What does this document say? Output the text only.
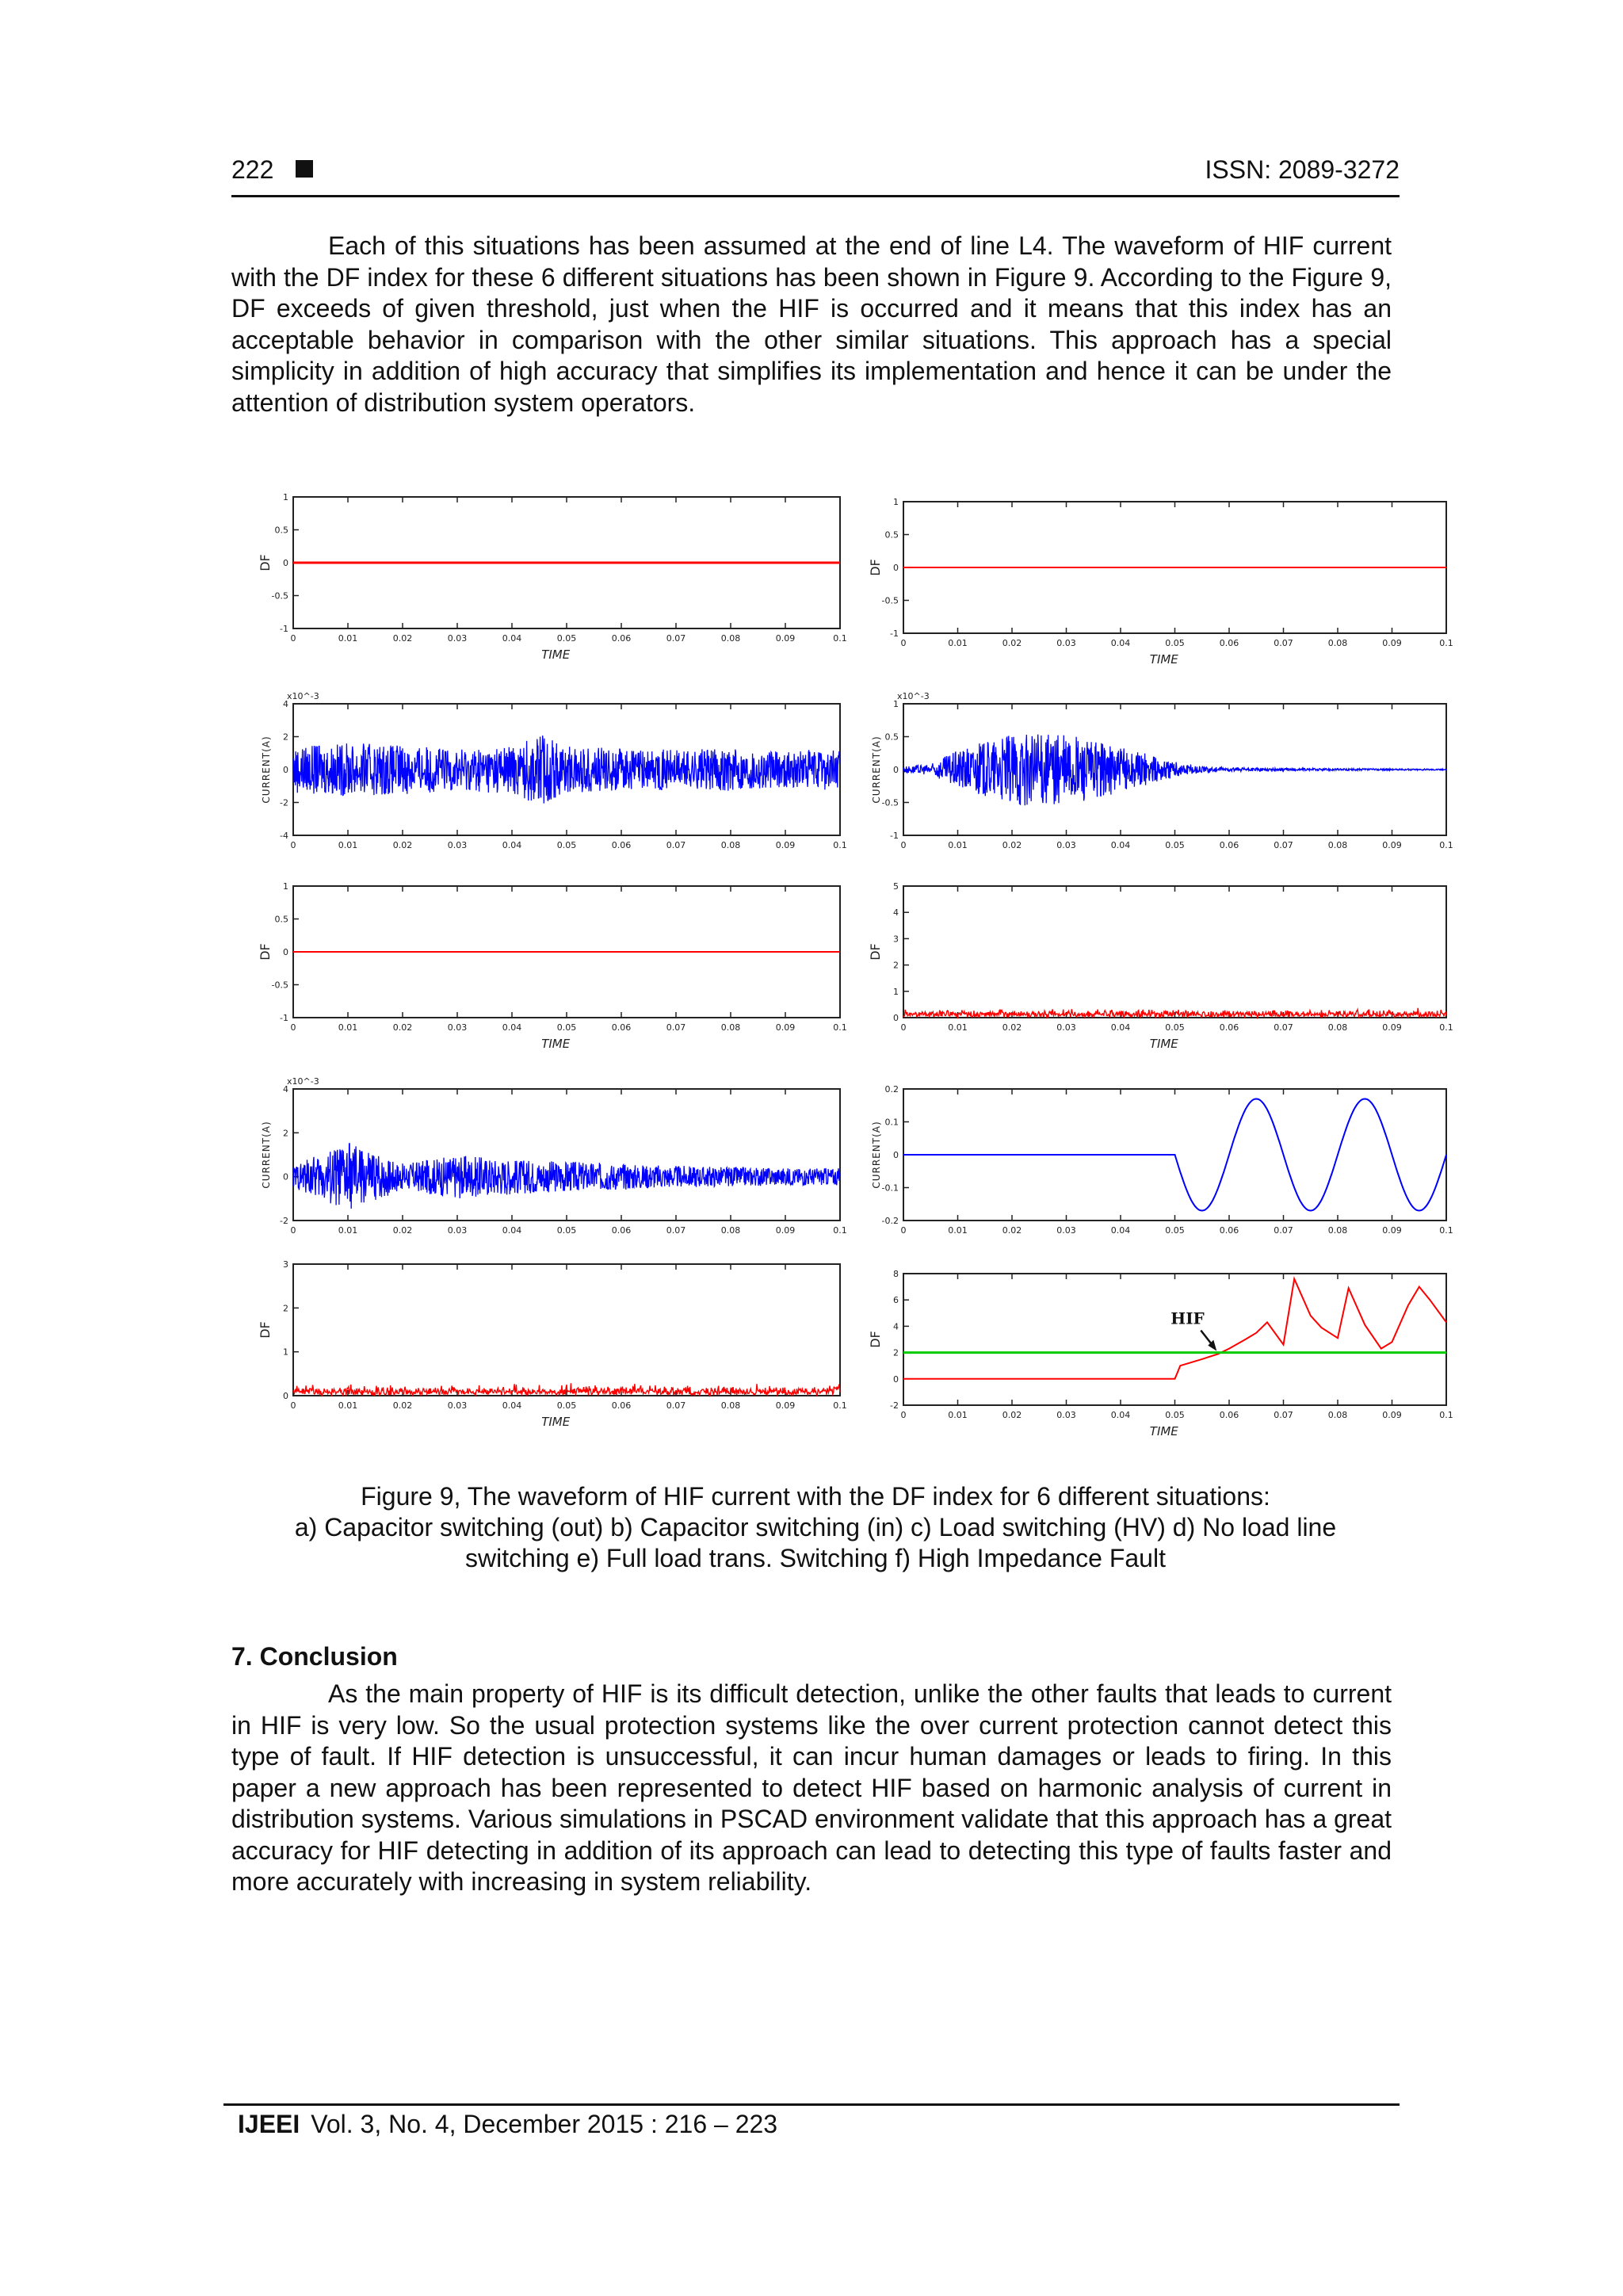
222	ISSN: 2089-3272
Each of this situations has been assumed at the end of line L4. The waveform of HIF current with the DF index for these 6 different situations has been shown in Figure 9. According to the Figure 9, DF exceeds of given threshold, just when the HIF is occurred and it means that this index has an acceptable behavior in comparison with the other similar situations. This approach has a special simplicity in addition of high accuracy that simplifies its implementation and hence it can be under the attention of distribution system operators.
0	0.01	0.02	0.03	0.04	0.05	0.06	0.07	0.08	0.09	0.1
1
0.5
0
-0.5
-1
DF
TIME
0	0.01	0.02	0.03	0.04	0.05	0.06	0.07	0.08	0.09	0.1
1
0.5
0
-0.5
-1
DF
TIME
0	0.01	0.02	0.03	0.04	0.05	0.06	0.07	0.08	0.09	0.1
4
2
0
-2
-4
CURRENT(A)
x10^-3
0	0.01	0.02	0.03	0.04	0.05	0.06	0.07	0.08	0.09	0.1
1
0.5
0
-0.5
-1
CURRENT(A)
x10^-3
0	0.01	0.02	0.03	0.04	0.05	0.06	0.07	0.08	0.09	0.1
1
0.5
0
-0.5
-1
DF
TIME
0	0.01	0.02	0.03	0.04	0.05	0.06	0.07	0.08	0.09	0.1
5
4
3
2
1
0
DF
TIME
0	0.01	0.02	0.03	0.04	0.05	0.06	0.07	0.08	0.09	0.1
4
2
0
-2
CURRENT(A)
x10^-3
0	0.01	0.02	0.03	0.04	0.05	0.06	0.07	0.08	0.09	0.1
0.2
0.1
0
-0.1
-0.2
CURRENT(A)
0	0.01	0.02	0.03	0.04	0.05	0.06	0.07	0.08	0.09	0.1
3
2
1
0
DF
TIME	0	0.01	0.02	0.03	0.04	0.05	0.06	0.07	0.08	0.09	0.1
8
6
4
2
0
-2
DF
TIME
HIF
Figure 9, The waveform of HIF current with the DF index for 6 different situations:
a) Capacitor switching (out) b) Capacitor switching (in) c) Load switching (HV) d) No load line
switching e) Full load trans. Switching f) High Impedance Fault
7. Conclusion
As the main property of HIF is its difficult detection, unlike the other faults that leads to current in HIF is very low. So the usual protection systems like the over current protection cannot detect this type of fault. If HIF detection is unsuccessful, it can incur human damages or leads to firing. In this paper a new approach has been represented to detect HIF based on harmonic analysis of current in distribution systems. Various simulations in PSCAD environment validate that this approach has a great accuracy for HIF detecting in addition of its approach can lead to detecting this type of faults faster and more accurately with increasing in system reliability.
IJEEI Vol. 3, No. 4, December 2015 : 216 – 223
